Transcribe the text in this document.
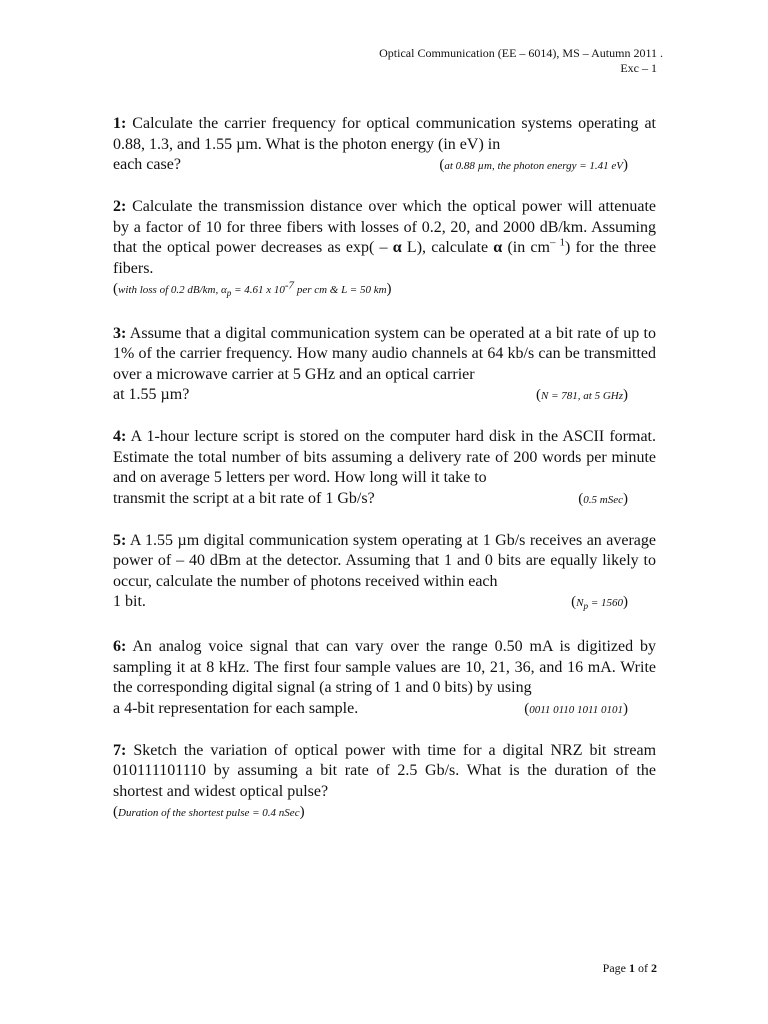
Optical Communication (EE – 6014), MS – Autumn 2011 .
Exc – 1

1: Calculate the carrier frequency for optical communication systems operating at 0.88, 1.3, and 1.55 µm. What is the photon energy (in eV) in

each case?	(at 0.88 µm, the photon energy = 1.41 eV)

2: Calculate the transmission distance over which the optical power will attenuate by a factor of 10 for three fibers with losses of 0.2, 20, and 2000 dB/km. Assuming that the optical power decreases as exp( – α L), calculate α (in $cm^{- 1}$) for the three fibers.

(with loss of 0.2 dB/km, $\alpha_p = 4.61$ x $10^{-7}$ per cm & L = 50 km)

3: Assume that a digital communication system can be operated at a bit rate of up to 1% of the carrier frequency. How many audio channels at 64 kb/s can be transmitted over a microwave carrier at 5 GHz and an optical carrier

at 1.55 µm?	(N = 781, at 5 GHz)

4: A 1-hour lecture script is stored on the computer hard disk in the ASCII format. Estimate the total number of bits assuming a delivery rate of 200 words per minute and on average 5 letters per word. How long will it take to

transmit the script at a bit rate of 1 Gb/s?	(0.5 mSec)

5: A 1.55 µm digital communication system operating at 1 Gb/s receives an average power of – 40 dBm at the detector. Assuming that 1 and 0 bits are equally likely to occur, calculate the number of photons received within each

1 bit.	$(N_p = 1560)$

6: An analog voice signal that can vary over the range 0.50 mA is digitized by sampling it at 8 kHz. The first four sample values are 10, 21, 36, and 16 mA. Write the corresponding digital signal (a string of 1 and 0 bits) by using

a 4-bit representation for each sample.	(0011 0110 1011 0101)

7: Sketch the variation of optical power with time for a digital NRZ bit stream 010111101110 by assuming a bit rate of 2.5 Gb/s. What is the duration of the shortest and widest optical pulse?

(Duration of the shortest pulse = 0.4 nSec)

Page 1 of 2
